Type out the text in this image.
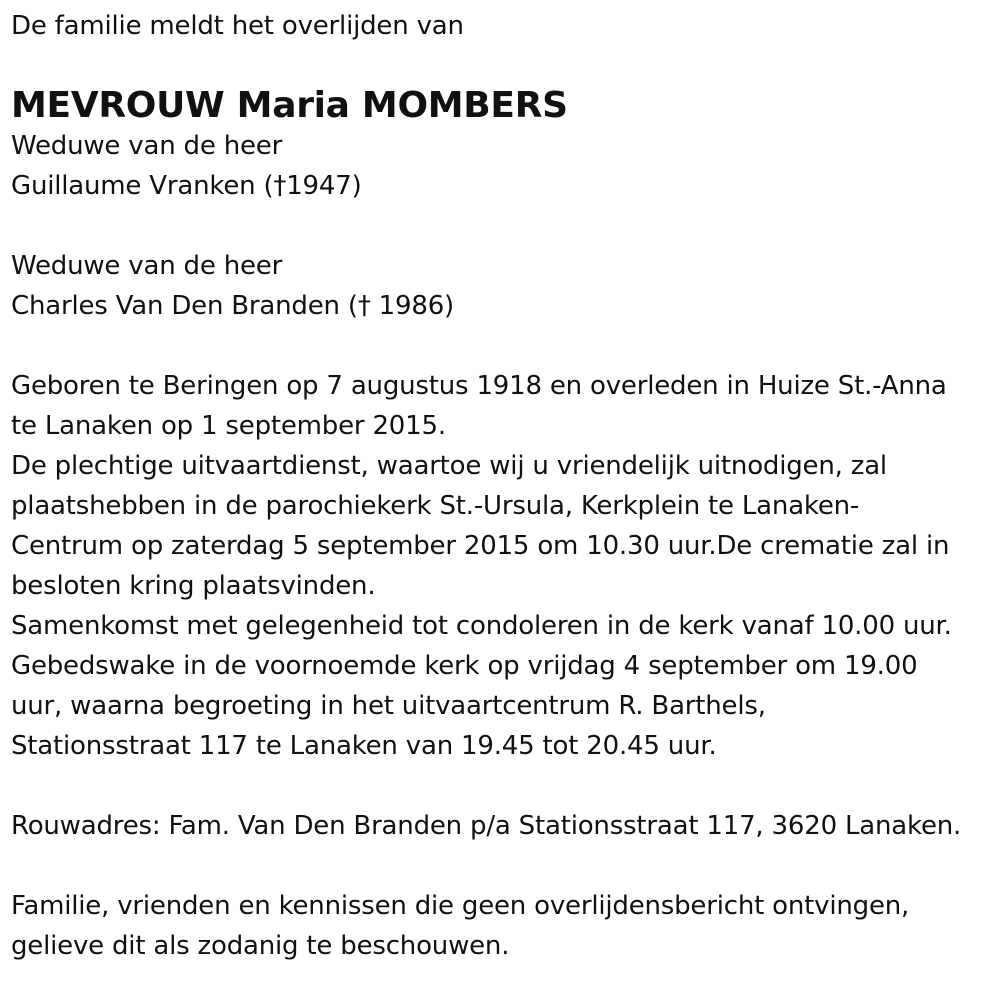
De familie meldt het overlijden van
MEVROUW Maria MOMBERS
Weduwe van de heer
Guillaume Vranken (†1947)
Weduwe van de heer
Charles Van Den Branden († 1986)
Geboren te Beringen op 7 augustus 1918 en overleden in Huize St.-Anna
te Lanaken op 1 september 2015.
De plechtige uitvaartdienst, waartoe wij u vriendelijk uitnodigen, zal
plaatshebben in de parochiekerk St.-Ursula, Kerkplein te Lanaken-
Centrum op zaterdag 5 september 2015 om 10.30 uur.De crematie zal in
besloten kring plaatsvinden.
Samenkomst met gelegenheid tot condoleren in de kerk vanaf 10.00 uur.
Gebedswake in de voornoemde kerk op vrijdag 4 september om 19.00
uur, waarna begroeting in het uitvaartcentrum R. Barthels,
Stationsstraat 117 te Lanaken van 19.45 tot 20.45 uur.
Rouwadres: Fam. Van Den Branden p/a Stationsstraat 117, 3620 Lanaken.
Familie, vrienden en kennissen die geen overlijdensbericht ontvingen,
gelieve dit als zodanig te beschouwen.
